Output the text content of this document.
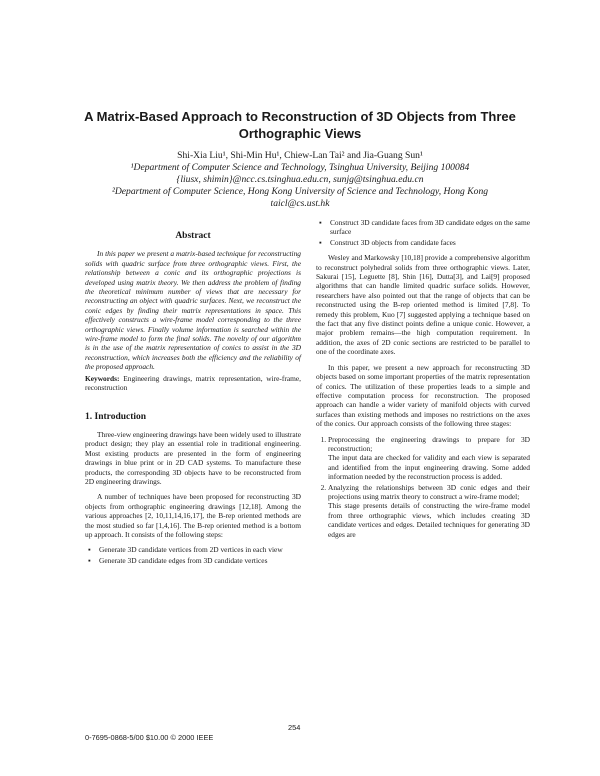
A Matrix-Based Approach to Reconstruction of 3D Objects from Three
Orthographic Views
Shi-Xia Liu¹, Shi-Min Hu¹, Chiew-Lan Tai² and Jia-Guang Sun¹
¹Department of Computer Science and Technology, Tsinghua University, Beijing 100084
{liusx, shimin}@ncc.cs.tsinghua.edu.cn, sunjg@tsinghua.edu.cn
²Department of Computer Science, Hong Kong University of Science and Technology, Hong Kong
taicl@cs.ust.hk
Abstract

In this paper we present a matrix-based technique for reconstructing solids with quadric surface from three orthographic views. First, the relationship between a conic and its orthographic projections is developed using matrix theory. We then address the problem of finding the theoretical minimum number of views that are necessary for reconstructing an object with quadric surfaces. Next, we reconstruct the conic edges by finding their matrix representations in space. This effectively constructs a wire-frame model corresponding to the three orthographic views. Finally volume information is searched within the wire-frame model to form the final solids. The novelty of our algorithm is in the use of the matrix representation of conics to assist in the 3D reconstruction, which increases both the efficiency and the reliability of the proposed approach.

Keywords: Engineering drawings, matrix representation, wire-frame, reconstruction

1. Introduction

Three-view engineering drawings have been widely used to illustrate product design; they play an essential role in traditional engineering. Most existing products are presented in the form of engineering drawings in blue print or in 2D CAD systems. To manufacture these products, the corresponding 3D objects have to be reconstructed from 2D engineering drawings.

A number of techniques have been proposed for reconstructing 3D objects from orthographic engineering drawings [12,18]. Among the various approaches [2, 10,11,14,16,17], the B-rep oriented methods are the most studied so far [1,4,16]. The B-rep oriented method is a bottom up approach. It consists of the following steps:

▪ Generate 3D candidate vertices from 2D vertices in each view
▪ Generate 3D candidate edges from 3D candidate vertices
▪ Construct 3D candidate faces from 3D candidate edges on the same surface
▪ Construct 3D objects from candidate faces

Wesley and Markowsky [10,18] provide a comprehensive algorithm to reconstruct polyhedral solids from three orthographic views. Later, Sakurai [15], Leguette [8], Shin [16], Dutta[3], and Lai[9] proposed algorithms that can handle limited quadric surface solids. However, researchers have also pointed out that the range of objects that can be reconstructed using the B-rep oriented method is limited [7,8]. To remedy this problem, Kuo [7] suggested applying a technique based on the fact that any five distinct points define a unique conic. However, a major problem remains—the high computation requirement. In addition, the axes of 2D conic sections are restricted to be parallel to one of the coordinate axes.

In this paper, we present a new approach for reconstructing 3D objects based on some important properties of the matrix representation of conics. The utilization of these properties leads to a simple and effective computation process for reconstruction. The proposed approach can handle a wider variety of manifold objects with curved surfaces than existing methods and imposes no restrictions on the axes of the conics. Our approach consists of the following three stages:

1. Preprocessing the engineering drawings to prepare for 3D reconstruction;

The input data are checked for validity and each view is separated and identified from the input engineering drawing. Some added information needed by the reconstruction process is added.

2. Analyzing the relationships between 3D conic edges and their projections using matrix theory to construct a wire-frame model;

This stage presents details of constructing the wire-frame model from three orthographic views, which includes creating 3D candidate vertices and edges. Detailed techniques for generating 3D edges are

254
0-7695-0868-5/00 $10.00 © 2000 IEEE
